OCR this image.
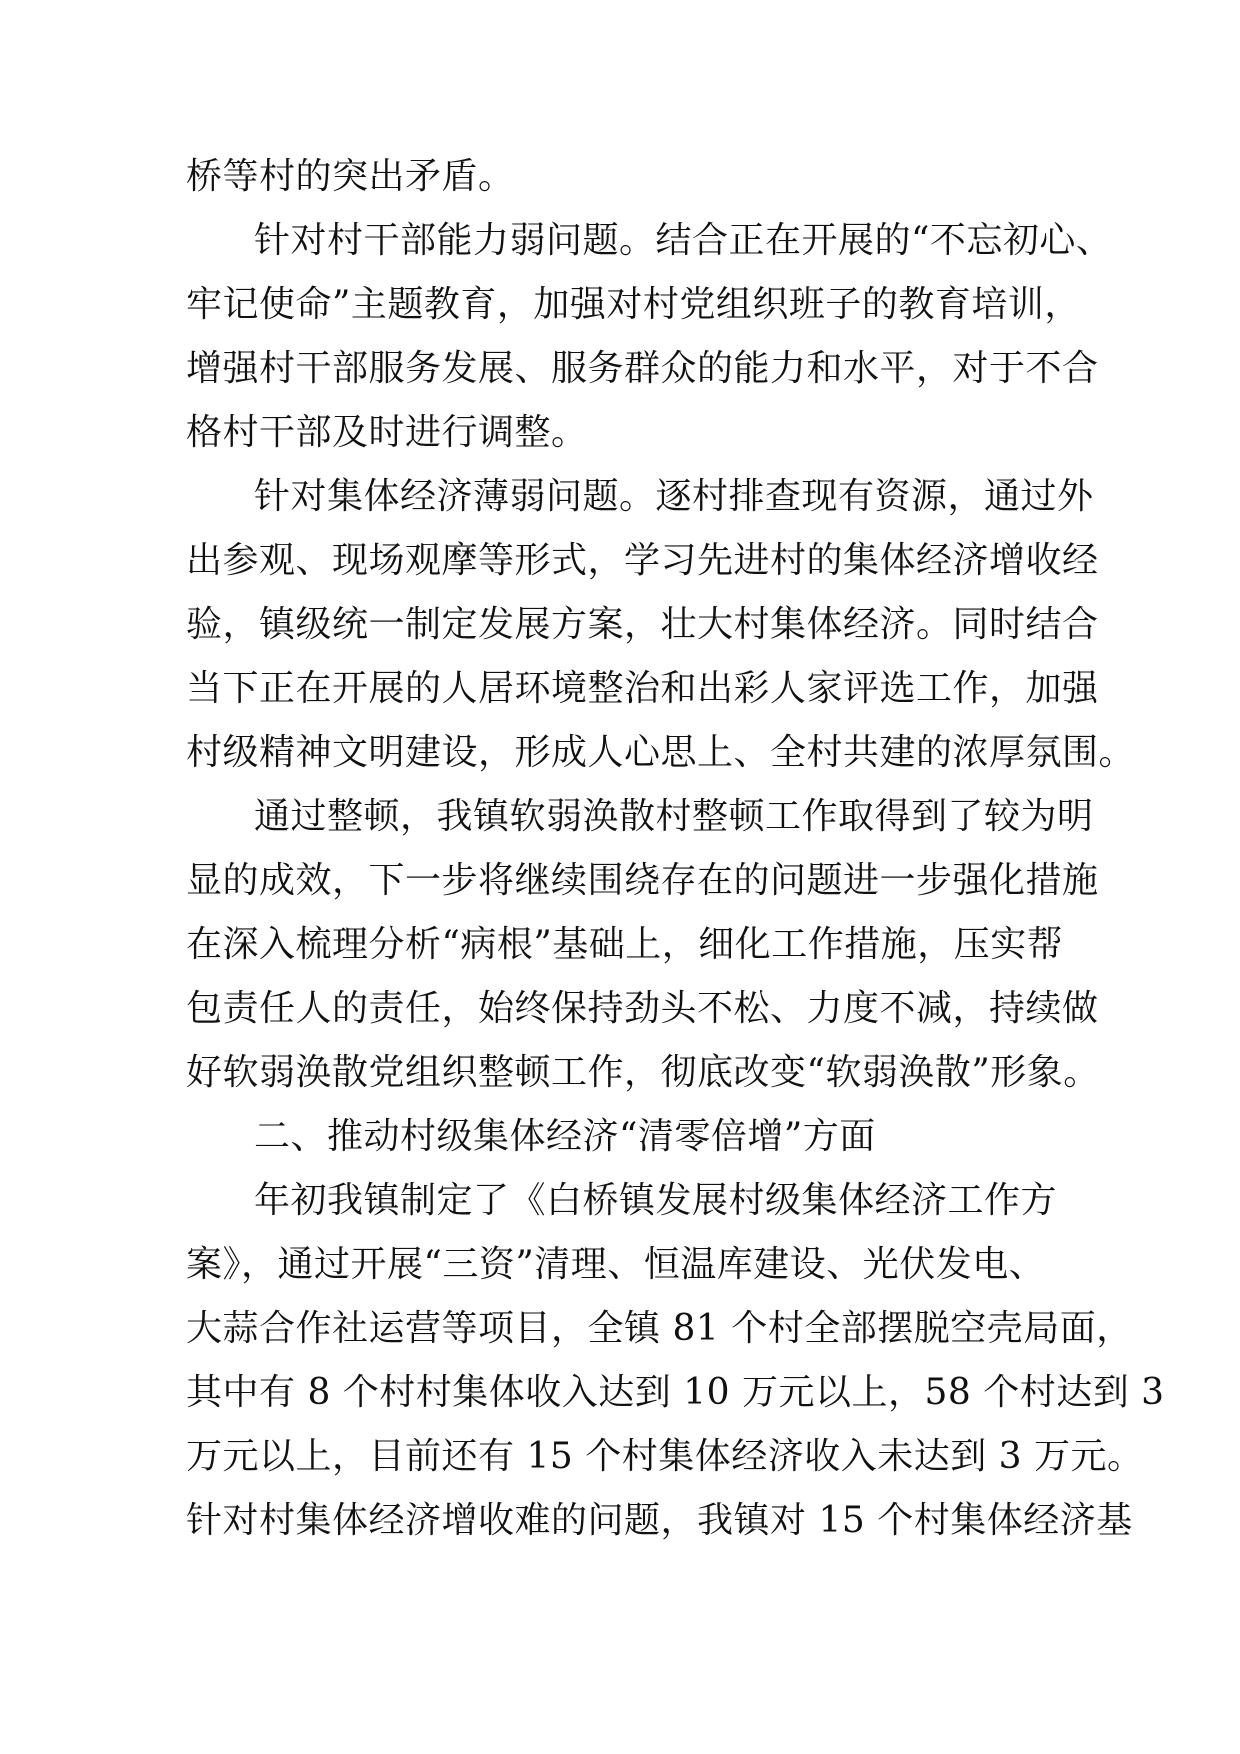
桥等村的突出矛盾。

针对村干部能力弱问题。结合正在开展的“不忘初心、

牢记使命”主题教育，加强对村党组织班子的教育培训，

增强村干部服务发展、服务群众的能力和水平，对于不合

格村干部及时进行调整。

针对集体经济薄弱问题。逐村排查现有资源，通过外

出参观、现场观摩等形式，学习先进村的集体经济增收经

验，镇级统一制定发展方案，壮大村集体经济。同时结合

当下正在开展的人居环境整治和出彩人家评选工作，加强

村级精神文明建设，形成人心思上、全村共建的浓厚氛围。

通过整顿，我镇软弱涣散村整顿工作取得到了较为明

显的成效，下一步将继续围绕存在的问题进一步强化措施

在深入梳理分析“病根”基础上，细化工作措施，压实帮

包责任人的责任，始终保持劲头不松、力度不减，持续做

好软弱涣散党组织整顿工作，彻底改变“软弱涣散”形象。

二、推动村级集体经济“清零倍增”方面

年初我镇制定了《白桥镇发展村级集体经济工作方

案》，通过开展“三资”清理、恒温库建设、光伏发电、

大蒜合作社运营等项目，全镇 81 个村全部摆脱空壳局面，

其中有 8 个村村集体收入达到 10 万元以上，58 个村达到 3

万元以上，目前还有 15 个村集体经济收入未达到 3 万元。

针对村集体经济增收难的问题，我镇对 15 个村集体经济基
